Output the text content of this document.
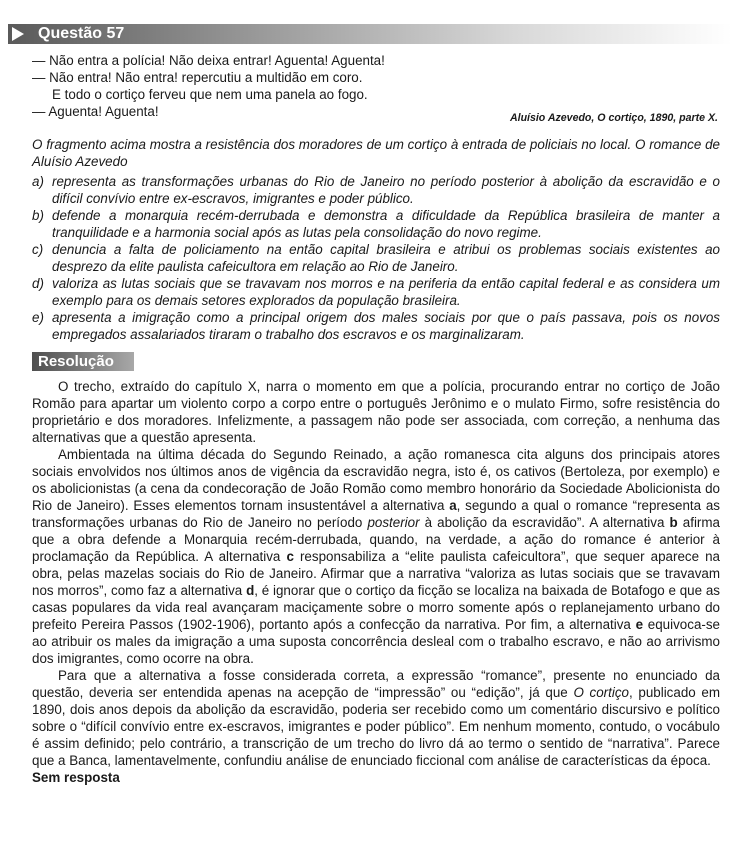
Questão 57
— Não entra a polícia! Não deixa entrar! Aguenta! Aguenta!
— Não entra! Não entra! repercutiu a multidão em coro.
E todo o cortiço ferveu que nem uma panela ao fogo.
— Aguenta! Aguenta!	Aluísio Azevedo, O cortiço, 1890, parte X.
O fragmento acima mostra a resistência dos moradores de um cortiço à entrada de policiais no local. O romance de Aluísio Azevedo
a) representa as transformações urbanas do Rio de Janeiro no período posterior à abolição da escravidão e o difícil convívio entre ex-escravos, imigrantes e poder público.
b) defende a monarquia recém-derrubada e demonstra a dificuldade da República brasileira de manter a tranquilidade e a harmonia social após as lutas pela consolidação do novo regime.
c) denuncia a falta de policiamento na então capital brasileira e atribui os problemas sociais existentes ao desprezo da elite paulista cafeicultora em relação ao Rio de Janeiro.
d) valoriza as lutas sociais que se travavam nos morros e na periferia da então capital federal e as considera um exemplo para os demais setores explorados da população brasileira.
e) apresenta a imigração como a principal origem dos males sociais por que o país passava, pois os novos empregados assalariados tiraram o trabalho dos escravos e os marginalizaram.
Resolução

O trecho, extraído do capítulo X, narra o momento em que a polícia, procurando entrar no cortiço de João Romão para apartar um violento corpo a corpo entre o português Jerônimo e o mulato Firmo, sofre resistência do proprietário e dos moradores. Infelizmente, a passagem não pode ser associada, com correção, a nenhuma das alternativas que a questão apresenta.

Ambientada na última década do Segundo Reinado, a ação romanesca cita alguns dos principais atores sociais envolvidos nos últimos anos de vigência da escravidão negra, isto é, os cativos (Bertoleza, por exemplo) e os abolicionistas (a cena da condecoração de João Romão como membro honorário da Sociedade Abolicionista do Rio de Janeiro). Esses elementos tornam insustentável a alternativa a, segundo a qual o romance “representa as transformações urbanas do Rio de Janeiro no período posterior à abolição da escravidão”. A alternativa b afirma que a obra defende a Monarquia recém-derrubada, quando, na verdade, a ação do romance é anterior à proclamação da República. A alternativa c responsabiliza a “elite paulista cafeicultora”, que sequer aparece na obra, pelas mazelas sociais do Rio de Janeiro. Afirmar que a narrativa “valoriza as lutas sociais que se travavam nos morros”, como faz a alternativa d, é ignorar que o cortiço da ficção se localiza na baixada de Botafogo e que as casas populares da vida real avançaram maciçamente sobre o morro somente após o replanejamento urbano do prefeito Pereira Passos (1902-1906), portanto após a confecção da narrativa. Por fim, a alternativa e equivoca-se ao atribuir os males da imigração a uma suposta concorrência desleal com o trabalho escravo, e não ao arrivismo dos imigrantes, como ocorre na obra.

Para que a alternativa a fosse considerada correta, a expressão “romance”, presente no enunciado da questão, deveria ser entendida apenas na acepção de “impressão” ou “edição”, já que O cortiço, publicado em 1890, dois anos depois da abolição da escravidão, poderia ser recebido como um comentário discursivo e político sobre o “difícil convívio entre ex-escravos, imigrantes e poder público”. Em nenhum momento, contudo, o vocábulo é assim definido; pelo contrário, a transcrição de um trecho do livro dá ao termo o sentido de “narrativa”. Parece que a Banca, lamentavelmente, confundiu análise de enunciado ficcional com análise de características da época.

Sem resposta
